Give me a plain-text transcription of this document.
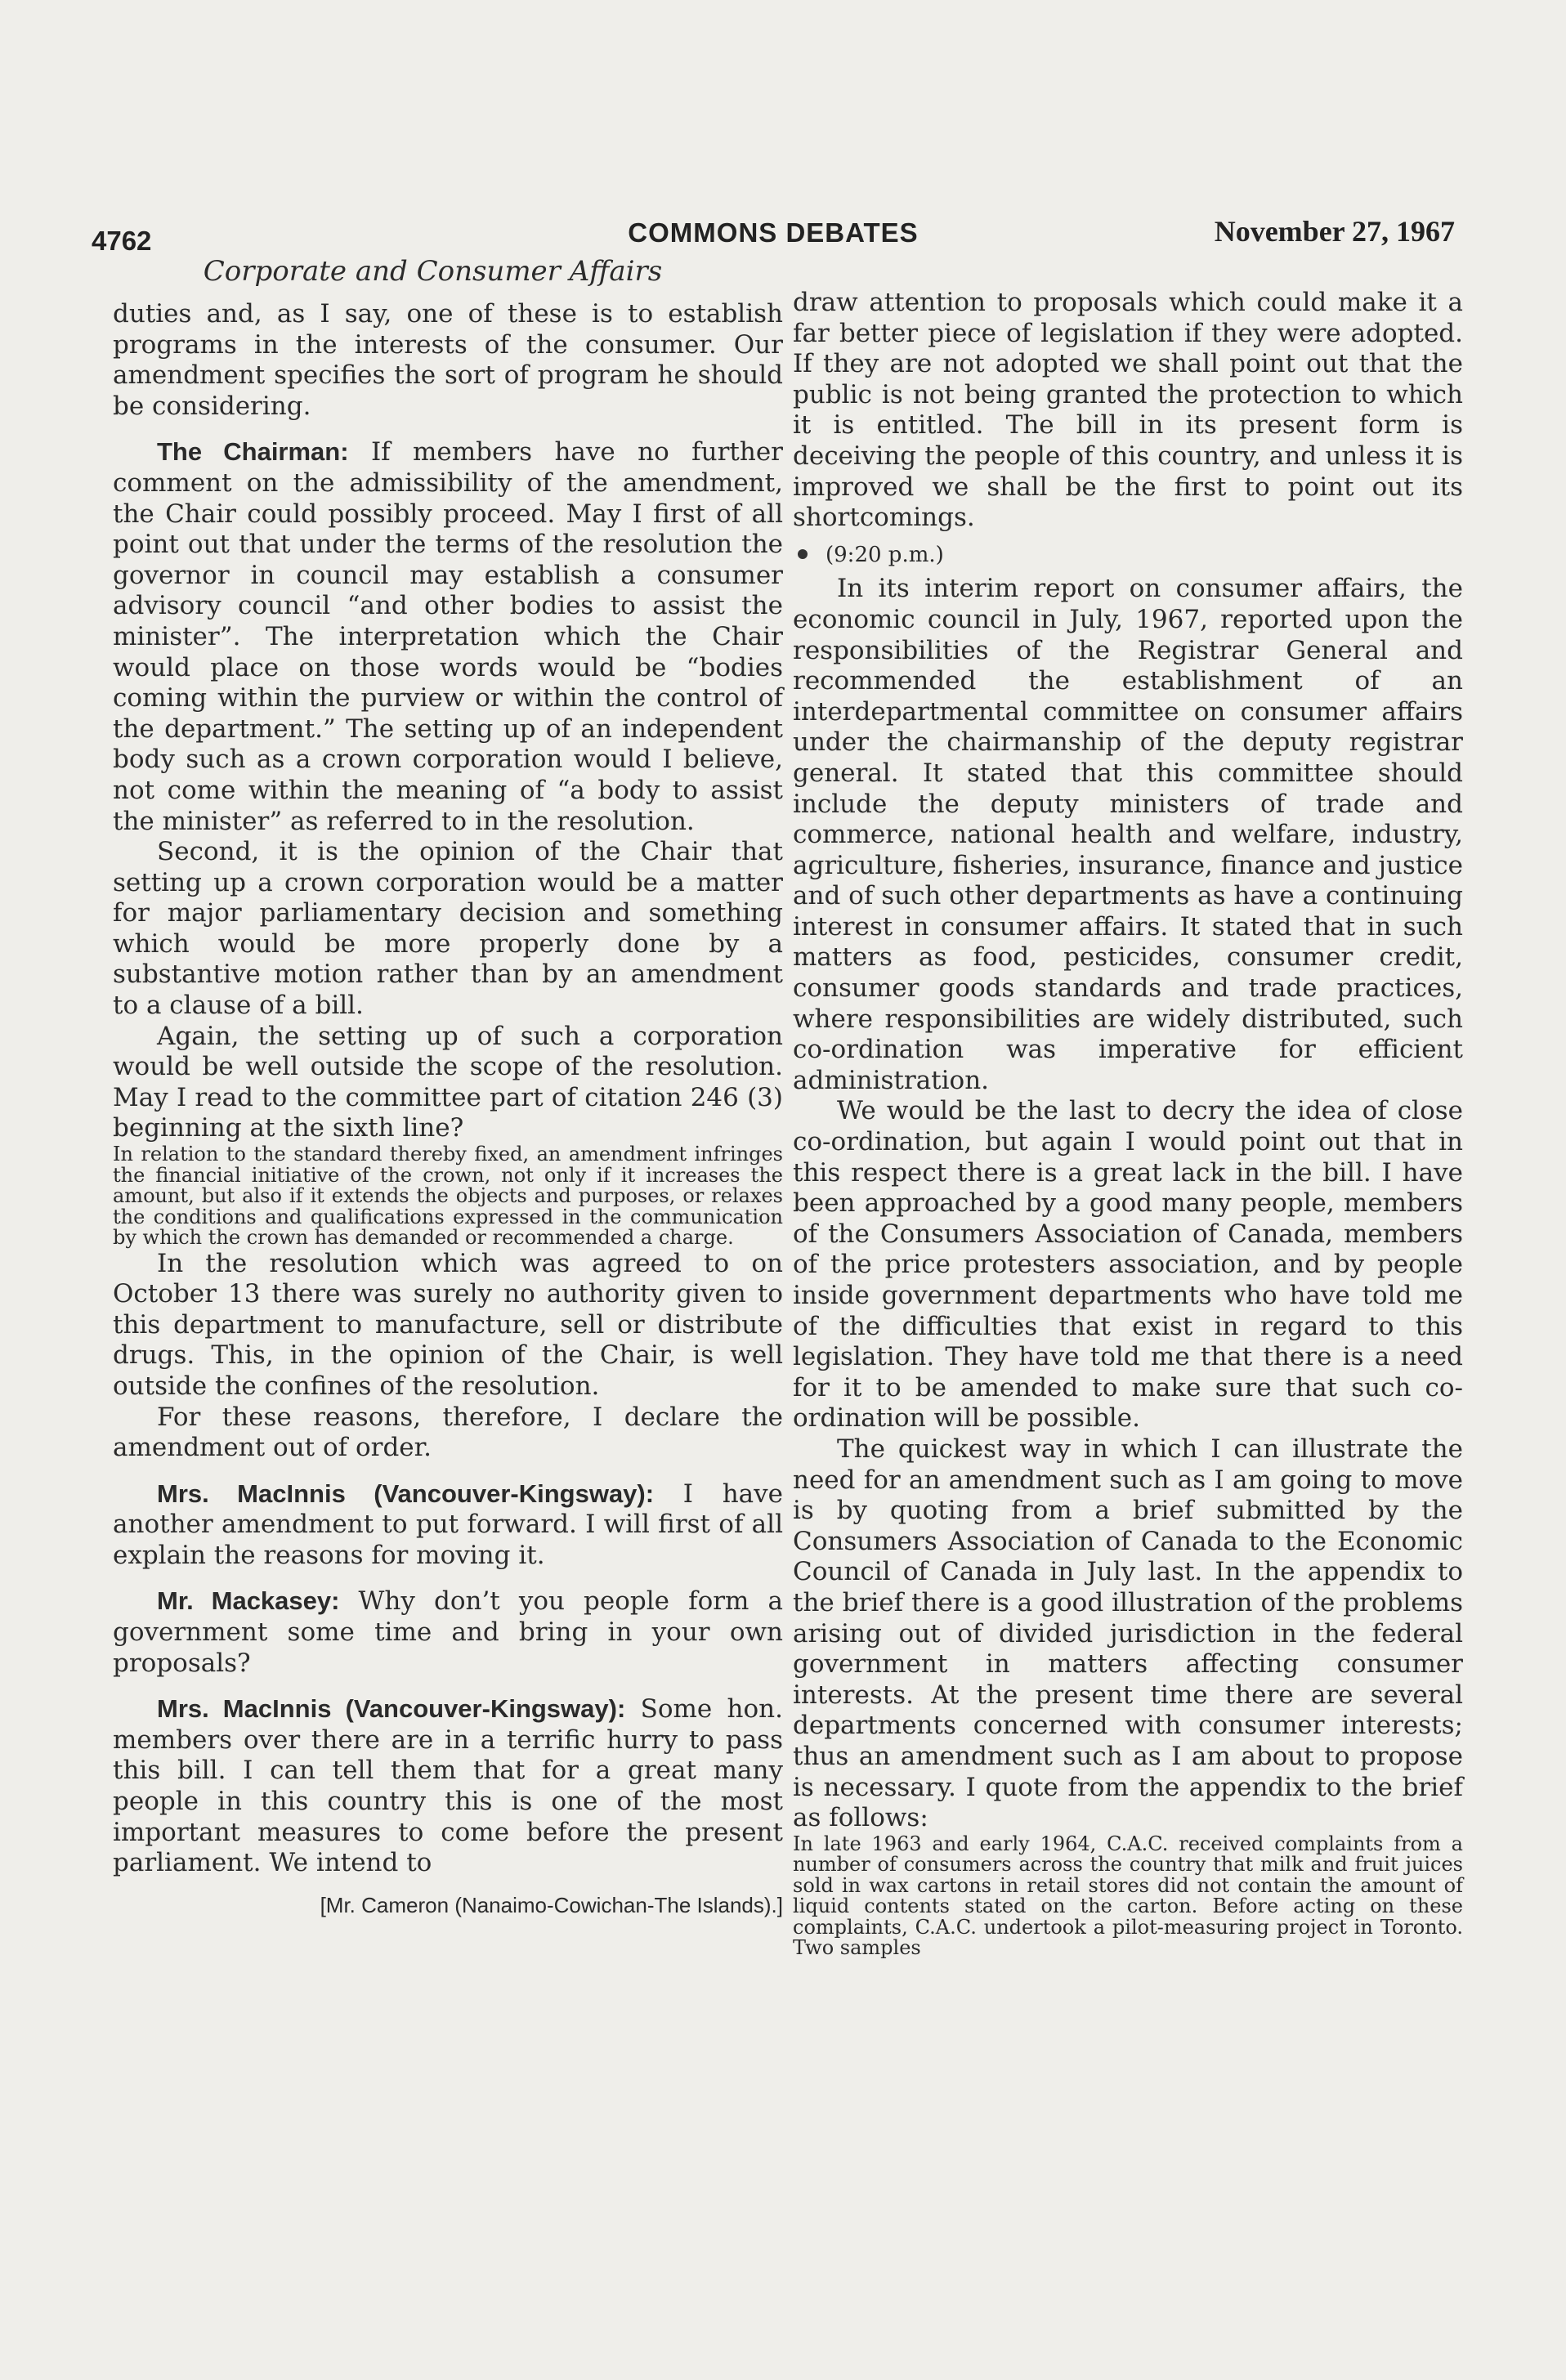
4762	COMMONS DEBATES	November 27, 1967
Corporate and Consumer Affairs

duties and, as I say, one of these is to establish programs in the interests of the consumer. Our amendment specifies the sort of program he should be considering.

The Chairman: If members have no further comment on the admissibility of the amendment, the Chair could possibly proceed. May I first of all point out that under the terms of the resolution the governor in council may establish a consumer advisory council “and other bodies to assist the minister”. The interpretation which the Chair would place on those words would be “bodies coming within the purview or within the control of the department.” The setting up of an independent body such as a crown corporation would I believe, not come within the meaning of “a body to assist the minister” as referred to in the resolution.

Second, it is the opinion of the Chair that setting up a crown corporation would be a matter for major parliamentary decision and something which would be more properly done by a substantive motion rather than by an amendment to a clause of a bill.

Again, the setting up of such a corporation would be well outside the scope of the resolution. May I read to the committee part of citation 246 (3) beginning at the sixth line?

In relation to the standard thereby fixed, an amendment infringes the financial initiative of the crown, not only if it increases the amount, but also if it extends the objects and purposes, or relaxes the conditions and qualifications expressed in the communication by which the crown has demanded or recommended a charge.

In the resolution which was agreed to on October 13 there was surely no authority given to this department to manufacture, sell or distribute drugs. This, in the opinion of the Chair, is well outside the confines of the resolution.

For these reasons, therefore, I declare the amendment out of order.

Mrs. MacInnis (Vancouver-Kingsway): I have another amendment to put forward. I will first of all explain the reasons for moving it.

Mr. Mackasey: Why don’t you people form a government some time and bring in your own proposals?

Mrs. MacInnis (Vancouver-Kingsway): Some hon. members over there are in a terrific hurry to pass this bill. I can tell them that for a great many people in this country this is one of the most important measures to come before the present parliament. We intend to

[Mr. Cameron (Nanaimo-Cowichan-The Islands).]

draw attention to proposals which could make it a far better piece of legislation if they were adopted. If they are not adopted we shall point out that the public is not being granted the protection to which it is entitled. The bill in its present form is deceiving the people of this country, and unless it is improved we shall be the first to point out its shortcomings.

(9:20 p.m.)

In its interim report on consumer affairs, the economic council in July, 1967, reported upon the responsibilities of the Registrar General and recommended the establishment of an interdepartmental committee on consumer affairs under the chairmanship of the deputy registrar general. It stated that this committee should include the deputy ministers of trade and commerce, national health and welfare, industry, agriculture, fisheries, insurance, finance and justice and of such other departments as have a continuing interest in consumer affairs. It stated that in such matters as food, pesticides, consumer credit, consumer goods standards and trade practices, where responsibilities are widely distributed, such co-ordination was imperative for efficient administration.

We would be the last to decry the idea of close co-ordination, but again I would point out that in this respect there is a great lack in the bill. I have been approached by a good many people, members of the Consumers Association of Canada, members of the price protesters association, and by people inside government departments who have told me of the difficulties that exist in regard to this legislation. They have told me that there is a need for it to be amended to make sure that such co-ordination will be possible.

The quickest way in which I can illustrate the need for an amendment such as I am going to move is by quoting from a brief submitted by the Consumers Association of Canada to the Economic Council of Canada in July last. In the appendix to the brief there is a good illustration of the problems arising out of divided jurisdiction in the federal government in matters affecting consumer interests. At the present time there are several departments concerned with consumer interests; thus an amendment such as I am about to propose is necessary. I quote from the appendix to the brief as follows:

In late 1963 and early 1964, C.A.C. received complaints from a number of consumers across the country that milk and fruit juices sold in wax cartons in retail stores did not contain the amount of liquid contents stated on the carton. Before acting on these complaints, C.A.C. undertook a pilot-measuring project in Toronto. Two samples
